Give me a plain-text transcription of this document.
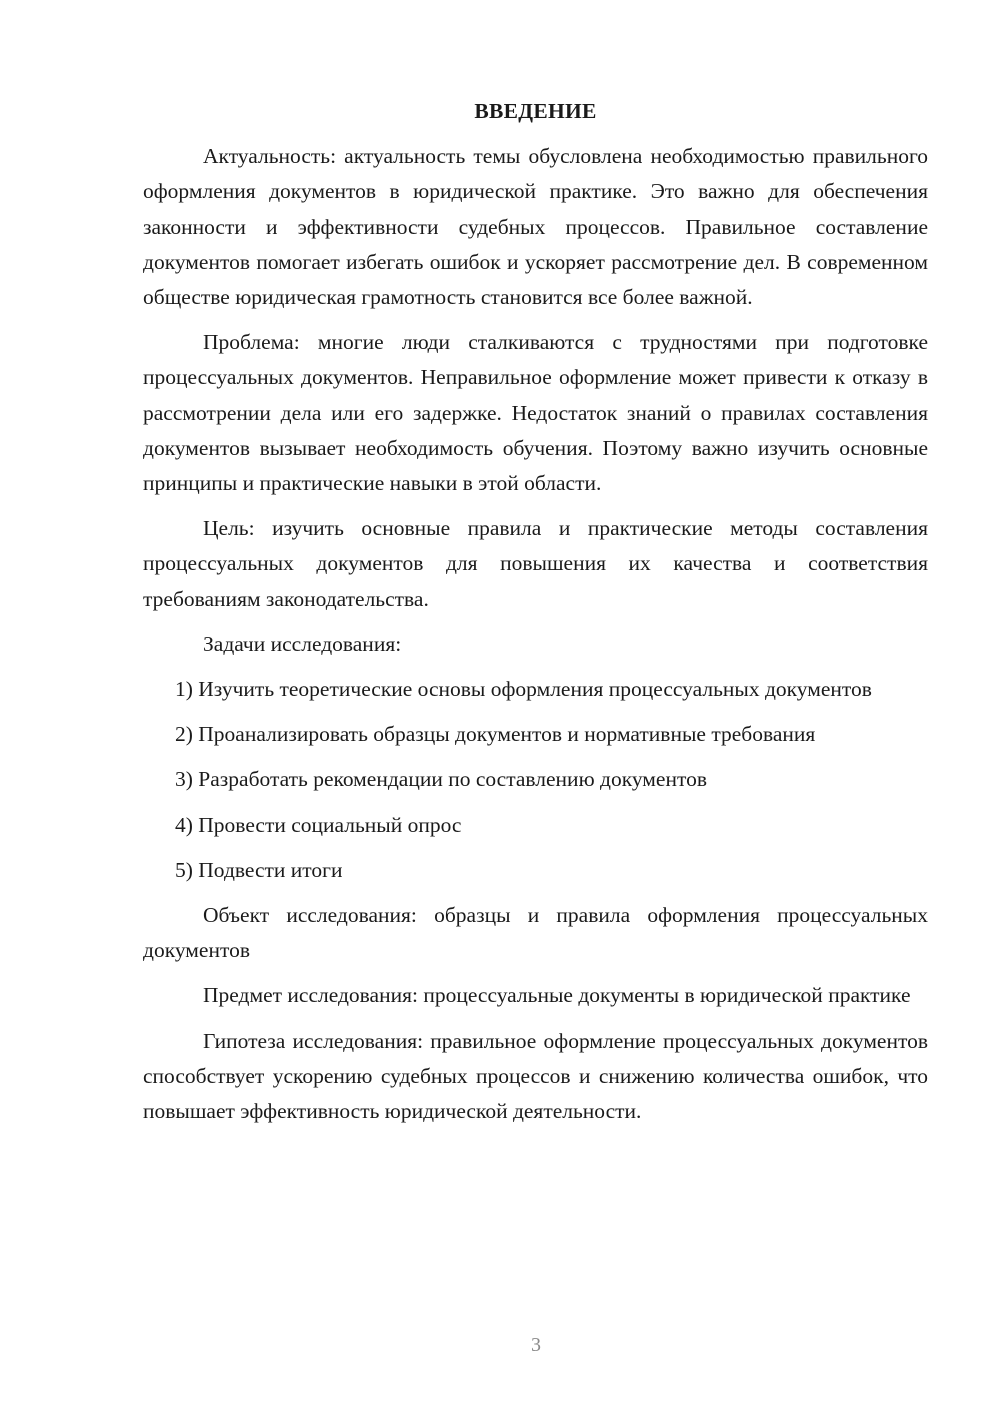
ВВЕДЕНИЕ

Актуальность: актуальность темы обусловлена необходимостью правильного оформления документов в юридической практике. Это важно для обеспечения законности и эффективности судебных процессов. Правильное составление документов помогает избегать ошибок и ускоряет рассмотрение дел. В современном обществе юридическая грамотность становится все более важной.

Проблема: многие люди сталкиваются с трудностями при подготовке процессуальных документов. Неправильное оформление может привести к отказу в рассмотрении дела или его задержке. Недостаток знаний о правилах составления документов вызывает необходимость обучения. Поэтому важно изучить основные принципы и практические навыки в этой области.

Цель: изучить основные правила и практические методы составления процессуальных документов для повышения их качества и соответствия требованиям законодательства.

Задачи исследования:

1) Изучить теоретические основы оформления процессуальных документов

2) Проанализировать образцы документов и нормативные требования

3) Разработать рекомендации по составлению документов

4) Провести социальный опрос

5) Подвести итоги

Объект исследования: образцы и правила оформления процессуальных документов

Предмет исследования: процессуальные документы в юридической практике

Гипотеза исследования: правильное оформление процессуальных документов способствует ускорению судебных процессов и снижению количества ошибок, что повышает эффективность юридической деятельности.

3
